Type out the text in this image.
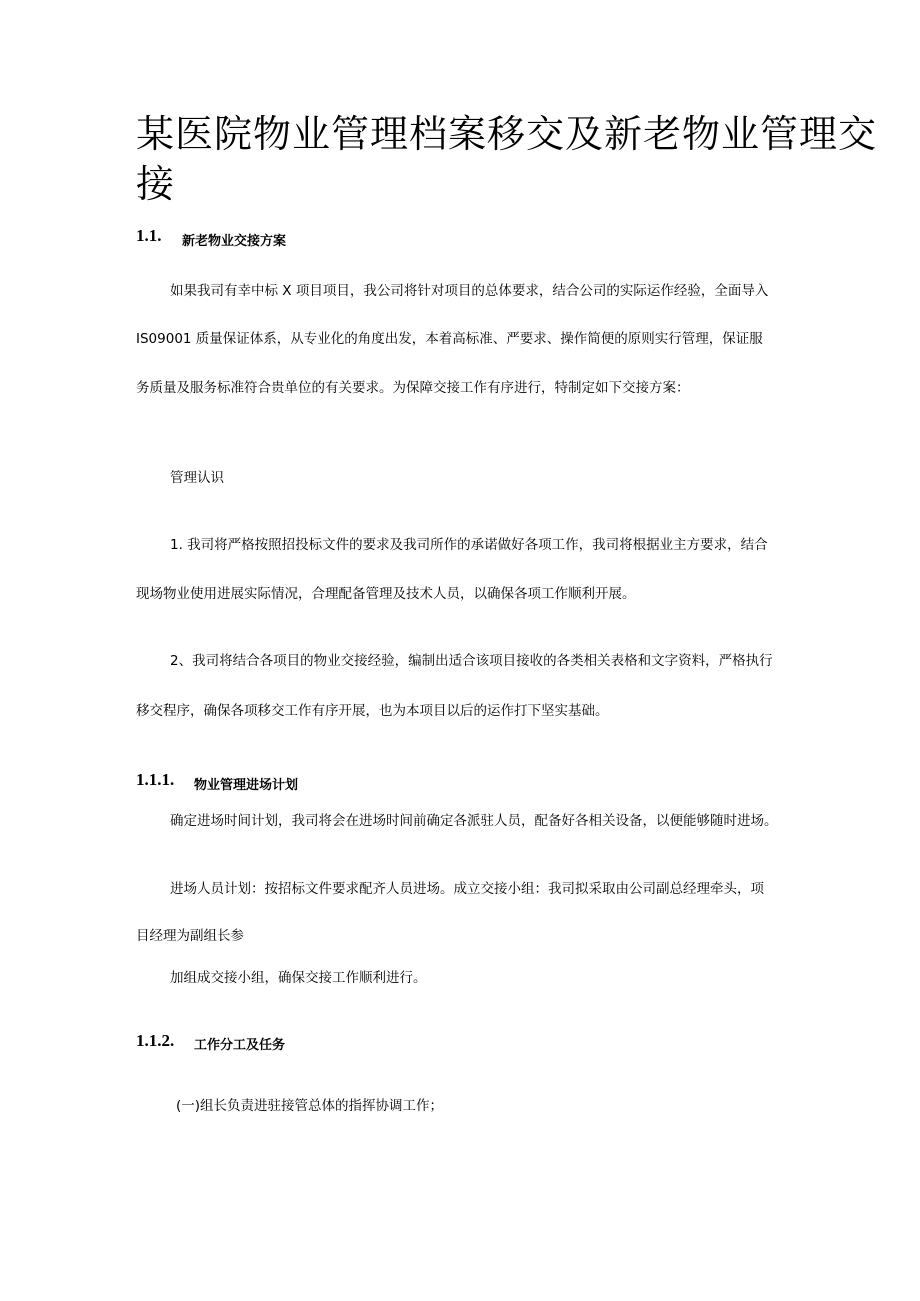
某医院物业管理档案移交及新老物业管理交
接
1.1. 新老物业交接方案
如果我司有幸中标 X 项目项目，我公司将针对项目的总体要求，结合公司的实际运作经验，全面导入
IS09001 质量保证体系，从专业化的角度出发，本着高标准、严要求、操作简便的原则实行管理，保证服
务质量及服务标准符合贵单位的有关要求。为保障交接工作有序进行，特制定如下交接方案：
管理认识
1. 我司将严格按照招投标文件的要求及我司所作的承诺做好各项工作，我司将根据业主方要求，结合
现场物业使用进展实际情况，合理配备管理及技术人员，以确保各项工作顺利开展。
2、我司将结合各项目的物业交接经验，编制出适合该项目接收的各类相关表格和文字资料，严格执行
移交程序，确保各项移交工作有序开展，也为本项目以后的运作打下坚实基础。
1.1.1. 物业管理进场计划
确定进场时间计划，我司将会在进场时间前确定各派驻人员，配备好各相关设备，以便能够随时进场。
进场人员计划：按招标文件要求配齐人员进场。成立交接小组：我司拟采取由公司副总经理牵头，项
目经理为副组长参
加组成交接小组，确保交接工作顺利进行。
1.1.2. 工作分工及任务
(一)组长负责进驻接管总体的指挥协调工作；
